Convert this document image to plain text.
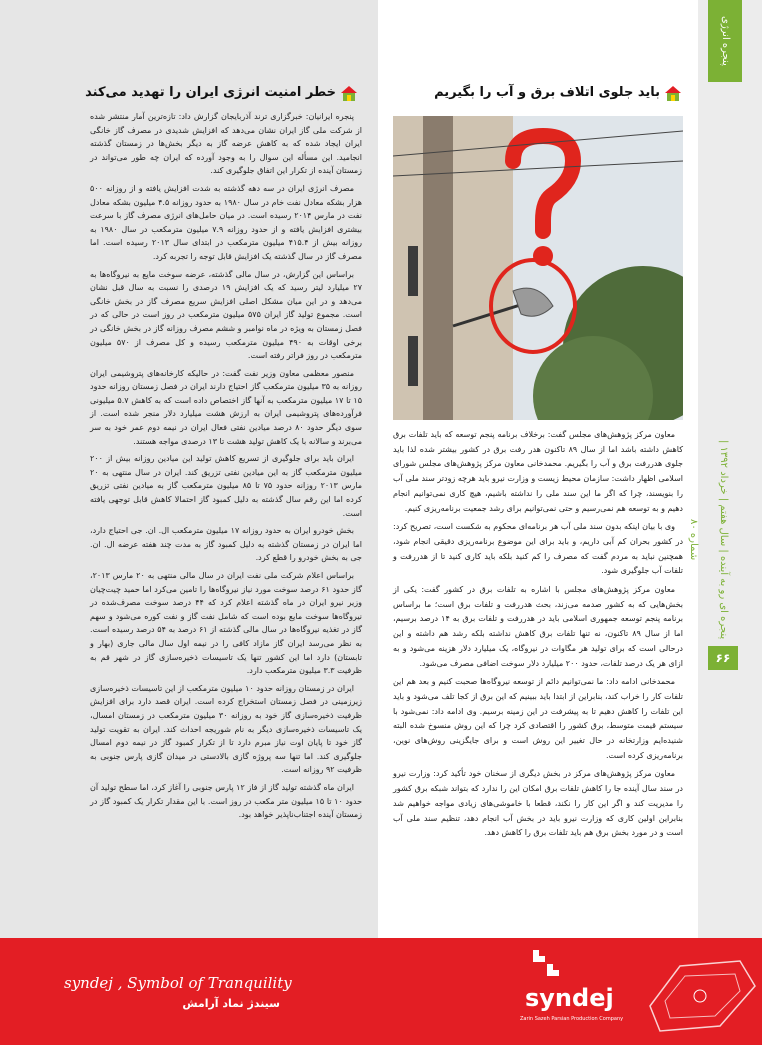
پنجره انرژی
پنجره ای رو به آینده | سال هفتم | خرداد ۱۳۹۲ | شماره ۸۰
۶۶
باید جلوی اتلاف برق و آب را بگیریم
خطر امنیت انرژی ایران را تهدید می‌کند

معاون مرکز پژوهش‌های مجلس گفت: برخلاف برنامه پنجم توسعه که باید تلفات برق کاهش داشته باشد اما از سال ۸۹ تاکنون هدر رفت برق در کشور بیشتر شده لذا باید جلوی هدررفت برق و آب را بگیریم. محمدخانی معاون مرکز پژوهش‌های مجلس شورای اسلامی اظهار داشت: سازمان محیط زیست و وزارت نیرو باید هرچه زودتر سند ملی آب را بنویسند، چرا که اگر ما این سند ملی را نداشته باشیم، هیچ کاری نمی‌توانیم انجام دهیم و به توسعه هم نمی‌رسیم و حتی نمی‌توانیم برای رشد جمعیت برنامه‌ریزی کنیم.

وی با بیان اینکه بدون سند ملی آب هر برنامه‌ای محکوم به شکست است، تصریح کرد: در کشور بحران کم آبی داریم، و باید برای این موضوع برنامه‌ریزی دقیقی انجام شود، همچنین نباید به مردم گفت که مصرف را کم کنید بلکه باید کاری کنید تا از هدررفت و تلفات آب جلوگیری شود.

معاون مرکز پژوهش‌های مجلس با اشاره به تلفات برق در کشور گفت: یکی از بخش‌هایی که به کشور صدمه می‌زند، بحث هدررفت و تلفات برق است؛ ما براساس برنامه پنجم توسعه جمهوری اسلامی باید در هدررفت و تلفات برق به ۱۴ درصد برسیم، اما از سال ۸۹ تاکنون، نه تنها تلفات برق کاهش نداشته بلکه رشد هم داشته و این درحالی است که برای تولید هر مگاوات در نیروگاه، یک میلیارد دلار هزینه می‌شود و به ازای هر یک درصد تلفات، حدود ۲۰۰ میلیارد دلار سوخت اضافی مصرف می‌شود.

محمدخانی ادامه داد: ما نمی‌توانیم دائم از توسعه نیروگاه‌ها صحبت کنیم و بعد هم این تلفات کار را خراب کند، بنابراین از ابتدا باید ببینیم که این برق از کجا تلف می‌شود و باید این تلفات را کاهش دهیم تا به پیشرفت در این زمینه برسیم. وی ادامه داد: نمی‌شود با سیستم قیمت متوسط، برق کشور را اقتصادی کرد چرا که این روش منسوخ شده البته شنیده‌ایم وزارتخانه در حال تغییر این روش است و برای جایگزینی روش‌های نوین، برنامه‌ریزی کرده است.

معاون مرکز پژوهش‌های مرکز در بخش دیگری از سخنان خود تأکید کرد: وزارت نیرو در سند سال آینده جا را کاهش تلفات برق امکان این را ندارد که بتواند شبکه برق کشور را مدیریت کند و اگر این کار را نکند، قطعا با خاموشی‌های زیادی مواجه خواهیم شد بنابراین اولین کاری که وزارت نیرو باید در بخش آب انجام دهد، تنظیم سند ملی آب است و در مورد بخش برق هم باید تلفات برق را کاهش دهد.

پنجره ایرانیان: خبرگزاری ترند آذربایجان گزارش داد: تازه‌ترین آمار منتشر شده از شرکت ملی گاز ایران نشان می‌دهد که افزایش شدیدی در مصرف گاز خانگی ایران ایجاد شده که به کاهش عرضه گاز به دیگر بخش‌ها در زمستان گذشته انجامید. این مسأله این سوال را به وجود آورده که ایران چه طور می‌تواند در زمستان آینده از تکرار این اتفاق جلوگیری کند.

مصرف انرژی ایران در سه دهه گذشته به شدت افزایش یافته و از روزانه ۵۰۰ هزار بشکه معادل نفت خام در سال ۱۹۸۰ به حدود روزانه ۴.۵ میلیون بشکه معادل نفت در مارس ۲۰۱۴ رسیده است. در میان حامل‌های انرژی مصرف گاز با سرعت بیشتری افزایش یافته و از حدود روزانه ۷.۹ میلیون مترمکعب در سال ۱۹۸۰ به روزانه بیش از ۴۱۵.۴ میلیون مترمکعب در ابتدای سال ۲۰۱۳ رسیده است. اما مصرف گاز در سال گذشته یک افزایش قابل توجه را تجربه کرد.

براساس این گزارش، در سال مالی گذشته، عرضه سوخت مایع به نیروگاه‌ها به ۲۷ میلیارد لیتر رسید که یک افزایش ۱۹ درصدی را نسبت به سال قبل نشان می‌دهد و در این میان مشکل اصلی افزایش سریع مصرف گاز در بخش خانگی است. مجموع تولید گاز ایران ۵۷۵ میلیون مترمکعب در روز است در حالی که در فصل زمستان به ویژه در ماه نوامبر و ششم مصرف روزانه گاز در بخش خانگی در برخی اوقات به ۴۹۰ میلیون مترمکعب رسیده و کل مصرف از ۵۷۰ میلیون مترمکعب در روز فراتر رفته است.

منصور معظمی معاون وزیر نفت گفت: در حالیکه کارخانه‌های پتروشیمی ایران روزانه به ۳۵ میلیون مترمکعب گاز احتیاج دارند ایران در فصل زمستان روزانه حدود ۱۵ تا ۱۷ میلیون مترمکعب به آنها گاز اختصاص داده است که به کاهش ۵.۷ میلیونی فرآورده‌های پتروشیمی ایران به ارزش هشت میلیارد دلار منجر شده است. از سوی دیگر حدود ۸۰ درصد میادین نفتی فعال ایران در نیمه دوم عمر خود به سر می‌برند و سالانه با یک کاهش تولید هشت تا ۱۳ درصدی مواجه هستند.

ایران باید برای جلوگیری از تسریع کاهش تولید این میادین روزانه بیش از ۲۰۰ میلیون مترمکعب گاز به این میادین نفتی تزریق کند. ایران در سال منتهی به ۲۰ مارس ۲۰۱۳ روزانه حدود ۷۵ تا ۸۵ میلیون مترمکعب گاز به میادین نفتی تزریق کرده اما این رقم سال گذشته به دلیل کمبود گاز احتمالا کاهش قابل توجهی یافته است.

بخش خودرو ایران به حدود روزانه ۱۷ میلیون مترمکعب ال. ان. جی احتیاج دارد، اما ایران در زمستان گذشته به دلیل کمبود گاز به مدت چند هفته عرضه ال. ان. جی به بخش خودرو را قطع کرد.

براساس اعلام شرکت ملی نفت ایران در سال مالی منتهی به ۲۰ مارس ۲۰۱۳، گاز حدود ۶۱ درصد سوخت مورد نیاز نیروگاه‌ها را تامین می‌کرد اما حمید چیت‌چیان وزیر نیرو ایران در ماه گذشته اعلام کرد که ۴۴ درصد سوخت مصرف‌شده در نیروگاه‌ها سوخت مایع بوده است که شامل نفت گاز و نفت کوره می‌شود و سهم گاز در تغذیه نیروگاه‌ها در سال مالی گذشته از ۶۱ درصد به ۵۴ درصد رسیده است. به نظر می‌رسد ایران گاز مازاد کافی را در نیمه اول سال مالی جاری (بهار و تابستان) دارد اما این کشور تنها یک تاسیسات ذخیره‌سازی گاز در شهر قم به ظرفیت ۳.۳ میلیون مترمکعب دارد.

ایران در زمستان روزانه حدود ۱۰ میلیون مترمکعب از این تاسیسات ذخیره‌سازی زیرزمینی در فصل زمستان استخراج کرده است. ایران قصد دارد برای افزایش ظرفیت ذخیره‌سازی گاز خود به روزانه ۳۰ میلیون مترمکعب در زمستان امسال، یک تاسیسات ذخیره‌سازی دیگر به نام شوریجه احداث کند. ایران به تقویت تولید گاز خود تا پایان اوت نیاز مبرم دارد تا از تکرار کمبود گاز در نیمه دوم امسال جلوگیری کند. اما تنها سه پروژه گازی بالادستی در میدان گازی پارس جنوبی به ظرفیت ۹۲ روزانه است.

ایران ماه گذشته تولید گاز از فاز ۱۲ پارس جنوبی را آغاز کرد، اما سطح تولید آن حدود ۱۰ تا ۱۵ میلیون متر مکعب در روز است. با این مقدار تکرار یک کمبود گاز در زمستان آینده اجتناب‌ناپذیر خواهد بود.

syndej , Symbol of Tranquility
سیندژ نماد آرامش	syndej
Zarin Sazeh Parsian Production Company
